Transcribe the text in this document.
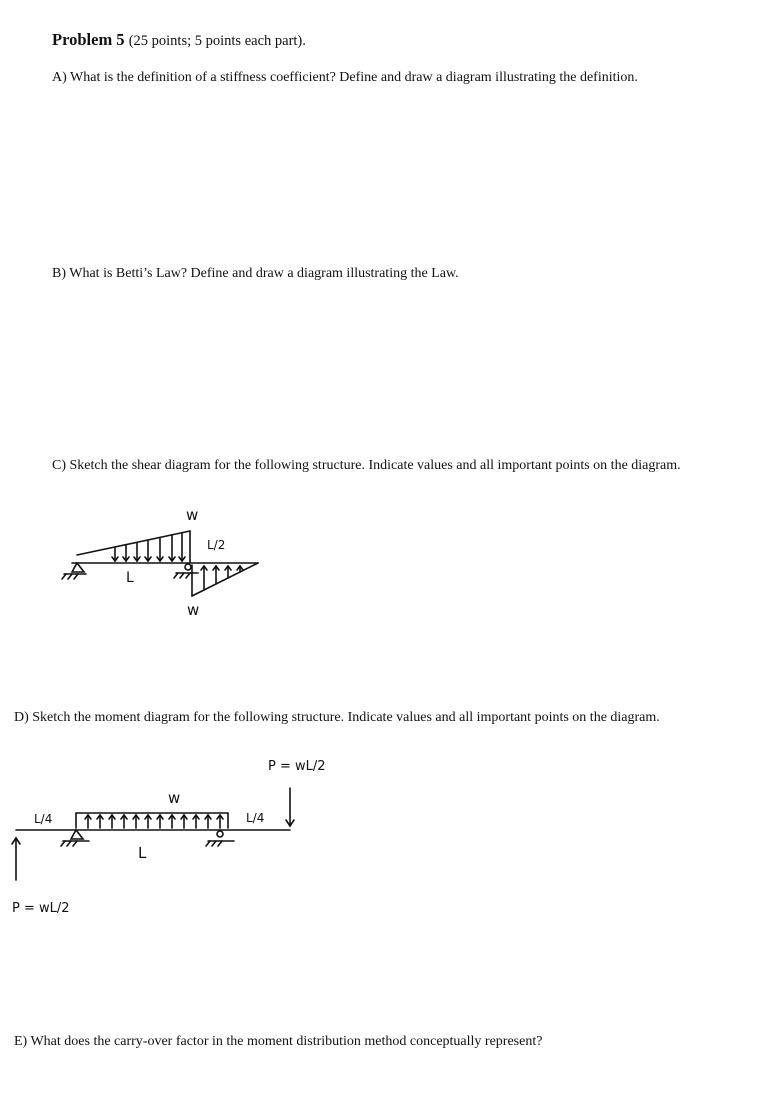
Problem 5 (25 points; 5 points each part).
A) What is the definition of a stiffness coefficient? Define and draw a diagram illustrating the definition.
B) What is Betti’s Law? Define and draw a diagram illustrating the Law.
C) Sketch the shear diagram for the following structure. Indicate values and all important points on the diagram.
w
w
L
L/2
D) Sketch the moment diagram for the following structure. Indicate values and all important points on the diagram.
w
L
L/4	L/4
P = wL/2
P = wL/2
E) What does the carry-over factor in the moment distribution method conceptually represent?
